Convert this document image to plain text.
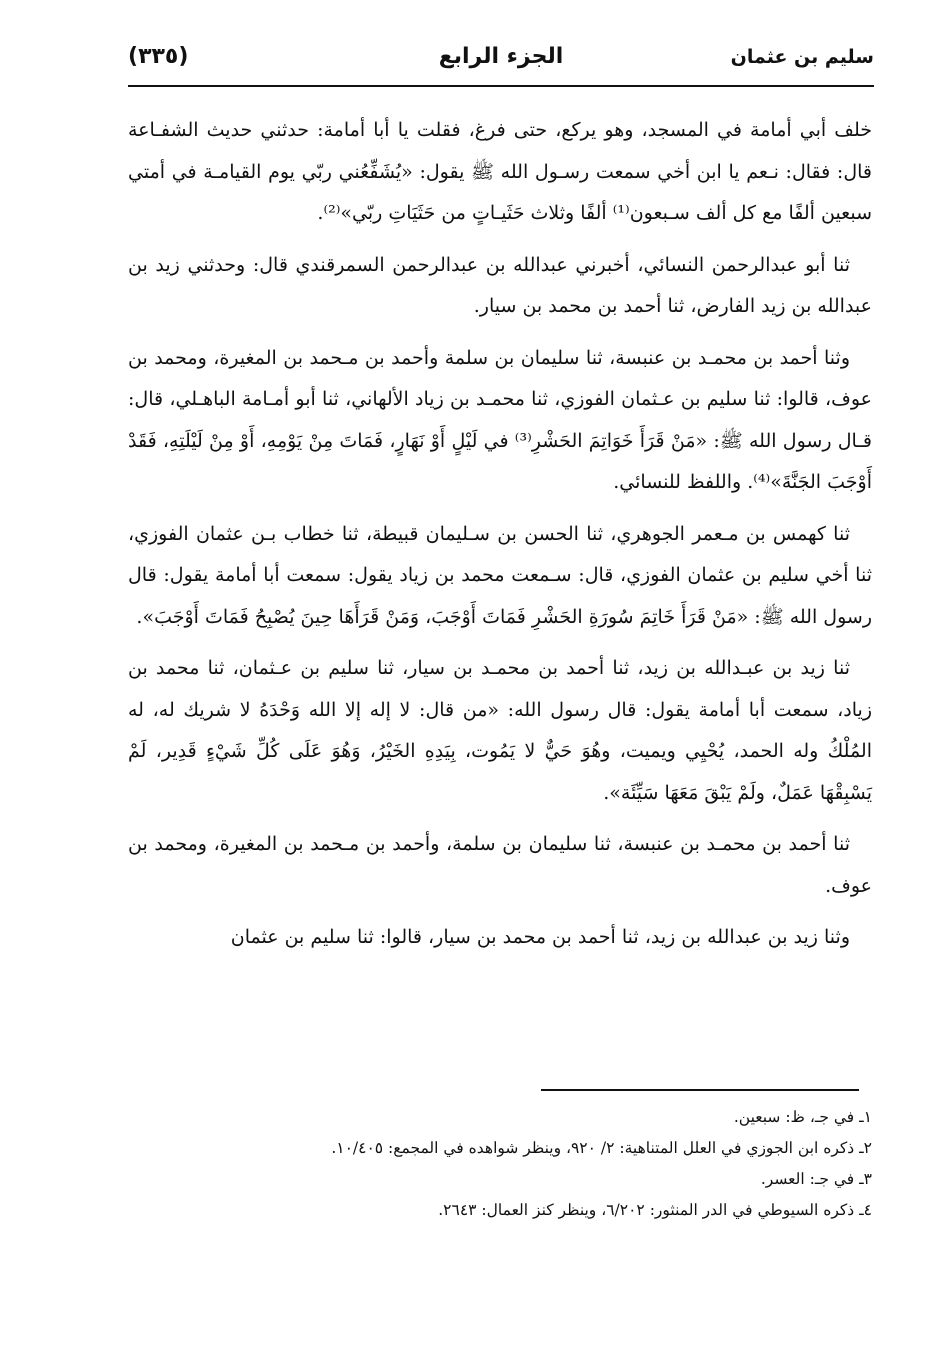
سليم بن عثمان
الجزء الرابع
(٣٣٥)

خلف أبي أمامة في المسجد، وهو يركع، حتى فرغ، فقلت يا أبا أمامة: حدثني حديث الشفـاعة قال: فقال: نـعم يا ابن أخي سمعت رسـول الله ﷺ يقول: «يُشَفِّعُني ربّي يوم القيامـة في أمتي سبعين ألفًا مع كل ألف سـبعون⁽¹⁾ ألفًا وثلاث حَثَيـاتٍ من حَثَيَاتِ ربّي»⁽²⁾.

ثنا أبو عبدالرحمن النسائي، أخبرني عبدالله بن عبدالرحمن السمرقندي قال: وحدثني زيد بن عبدالله بن زيد الفارض، ثنا أحمد بن محمد بن سيار.

وثنا أحمد بن محمـد بن عنبسة، ثنا سليمان بن سلمة وأحمد بن مـحمد بن المغيرة، ومحمد بن عوف، قالوا: ثنا سليم بن عـثمان الفوزي، ثنا محمـد بن زياد الألهاني، ثنا أبو أمـامة الباهـلي، قال: قـال رسول الله ﷺ: «مَنْ قَرَأَ خَوَاتِمَ الحَشْرِ⁽³⁾ في لَيْلٍ أَوْ نَهَارٍ، فَمَاتَ مِنْ يَوْمِهِ، أَوْ مِنْ لَيْلَتِهِ، فَقَدْ أَوْجَبَ الجَنَّةَ»⁽⁴⁾. واللفظ للنسائي.

ثنا كهمس بن مـعمر الجوهري، ثنا الحسن بن سـليمان قبيطة، ثنا خطاب بـن عثمان الفوزي، ثنا أخي سليم بن عثمان الفوزي، قال: سـمعت محمد بن زياد يقول: سمعت أبا أمامة يقول: قال رسول الله ﷺ: «مَنْ قَرَأَ خَاتِمَ سُورَةِ الحَشْرِ فَمَاتَ أَوْجَبَ، وَمَنْ قَرَأَهَا حِينَ يُصْبِحُ فَمَاتَ أَوْجَبَ».

ثنا زيد بن عبـدالله بن زيد، ثنا أحمد بن محمـد بن سيار، ثنا سليم بن عـثمان، ثنا محمد بن زياد، سمعت أبا أمامة يقول: قال رسول الله: «من قال: لا إله إلا الله وَحْدَهُ لا شريك له، له المُلْكُ وله الحمد، يُحْيِي ويميت، وهُوَ حَيٌّ لا يَمُوت، بِيَدِهِ الخَيْرُ، وَهُوَ عَلَى كُلِّ شَيْءٍ قَدِير، لَمْ يَسْبِقْهَا عَمَلٌ، ولَمْ يَبْقَ مَعَهَا سَيِّئَة».

ثنا أحمد بن محمـد بن عنبسة، ثنا سليمان بن سلمة، وأحمد بن مـحمد بن المغيرة، ومحمد بن عوف.

وثنا زيد بن عبدالله بن زيد، ثنا أحمد بن محمد بن سيار، قالوا: ثنا سليم بن عثمان

١ـ في جـ، ظ: سبعين.
٢ـ ذكره ابن الجوزي في العلل المتناهية: ٢/ ٩٢٠، وينظر شواهده في المجمع: ١٠/٤٠٥.
٣ـ في جـ: العسر.
٤ـ ذكره السيوطي في الدر المنثور: ٦/٢٠٢، وينظر كنز العمال: ٢٦٤٣.
